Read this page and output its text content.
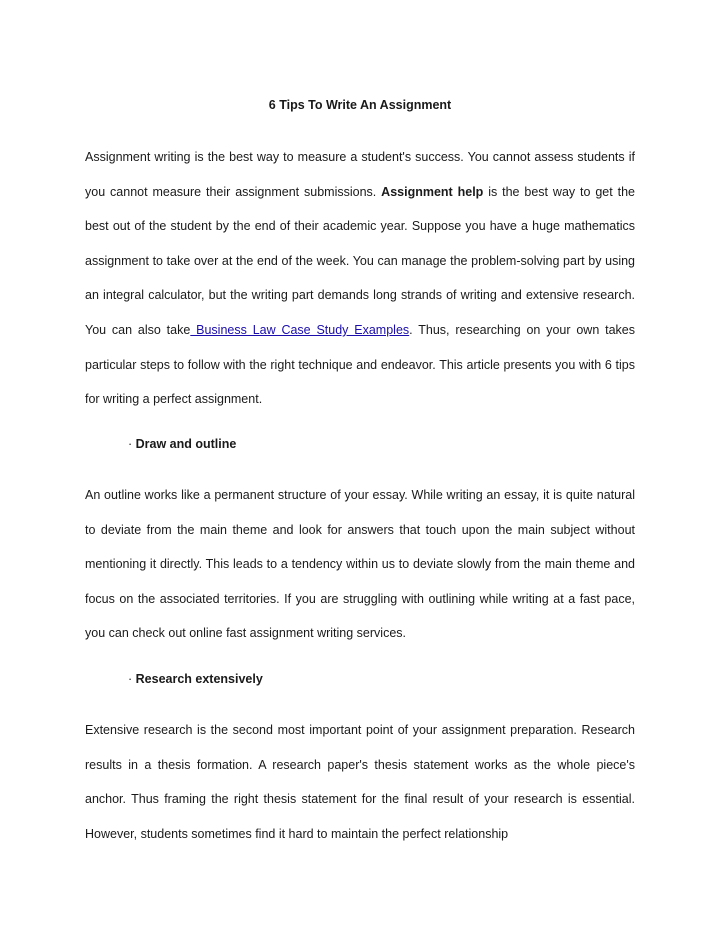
6 Tips To Write An Assignment

Assignment writing is the best way to measure a student's success. You cannot assess students if you cannot measure their assignment submissions. Assignment help is the best way to get the best out of the student by the end of their academic year. Suppose you have a huge mathematics assignment to take over at the end of the week. You can manage the problem-solving part by using an integral calculator, but the writing part demands long strands of writing and extensive research. You can also take Business Law Case Study Examples. Thus, researching on your own takes particular steps to follow with the right technique and endeavor. This article presents you with 6 tips for writing a perfect assignment.

· Draw and outline

An outline works like a permanent structure of your essay. While writing an essay, it is quite natural to deviate from the main theme and look for answers that touch upon the main subject without mentioning it directly. This leads to a tendency within us to deviate slowly from the main theme and focus on the associated territories. If you are struggling with outlining while writing at a fast pace, you can check out online fast assignment writing services.

· Research extensively

Extensive research is the second most important point of your assignment preparation. Research results in a thesis formation. A research paper's thesis statement works as the whole piece's anchor. Thus framing the right thesis statement for the final result of your research is essential. However, students sometimes find it hard to maintain the perfect relationship
